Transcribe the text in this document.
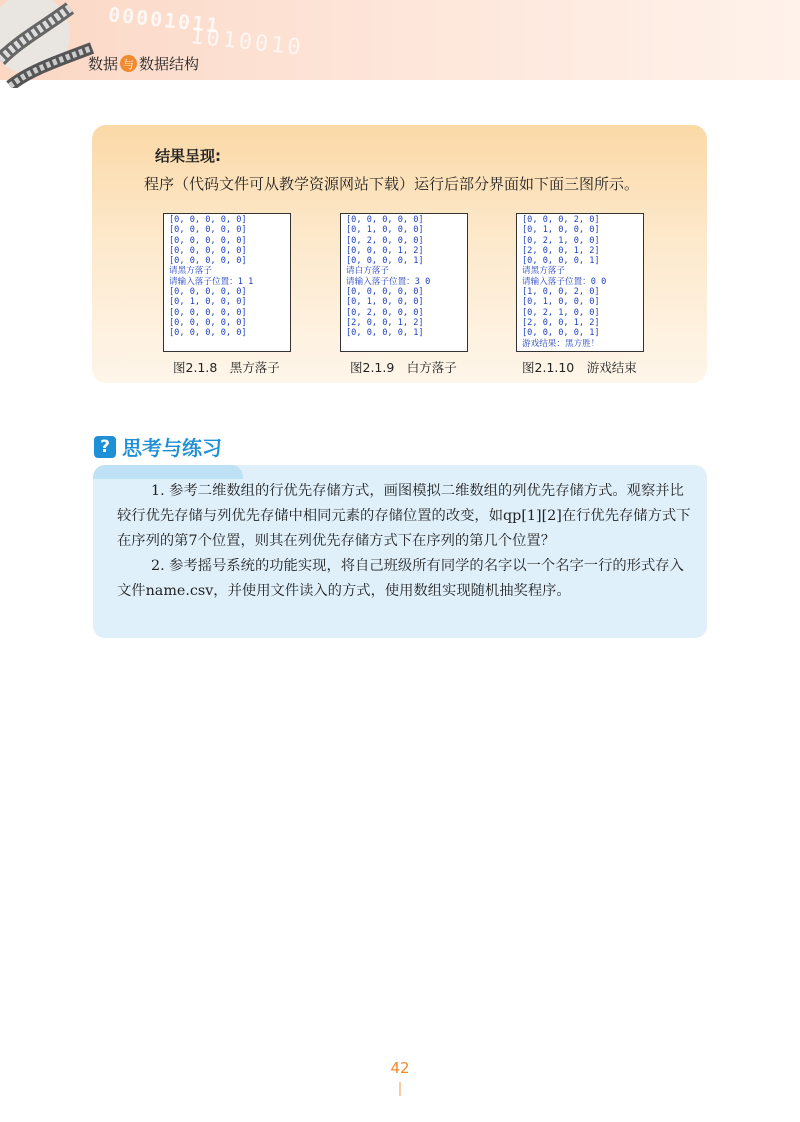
00001011
1010010
数据 与 数据结构
结果呈现:
程序（代码文件可从教学资源网站下载）运行后部分界面如下面三图所示。
[0, 0, 0, 0, 0]
[0, 0, 0, 0, 0]
[0, 0, 0, 0, 0]
[0, 0, 0, 0, 0]
[0, 0, 0, 0, 0]
请黑方落子
请输入落子位置：1 1
[0, 0, 0, 0, 0]
[0, 1, 0, 0, 0]
[0, 0, 0, 0, 0]
[0, 0, 0, 0, 0]
[0, 0, 0, 0, 0]
图2.1.8　黑方落子
[0, 0, 0, 0, 0]
[0, 1, 0, 0, 0]
[0, 2, 0, 0, 0]
[0, 0, 0, 1, 2]
[0, 0, 0, 0, 1]
请白方落子
请输入落子位置：3 0
[0, 0, 0, 0, 0]
[0, 1, 0, 0, 0]
[0, 2, 0, 0, 0]
[2, 0, 0, 1, 2]
[0, 0, 0, 0, 1]
图2.1.9　白方落子
[0, 0, 0, 2, 0]
[0, 1, 0, 0, 0]
[0, 2, 1, 0, 0]
[2, 0, 0, 1, 2]
[0, 0, 0, 0, 1]
请黑方落子
请输入落子位置：0 0
[1, 0, 0, 2, 0]
[0, 1, 0, 0, 0]
[0, 2, 1, 0, 0]
[2, 0, 0, 1, 2]
[0, 0, 0, 0, 1]
游戏结果：黑方胜！
图2.1.10　游戏结束
? 思考与练习

1. 参考二维数组的行优先存储方式，画图模拟二维数组的列优先存储方式。观察并比较行优先存储与列优先存储中相同元素的存储位置的改变，如qp[1][2]在行优先存储方式下在序列的第7个位置，则其在列优先存储方式下在序列的第几个位置？

2. 参考摇号系统的功能实现，将自己班级所有同学的名字以一个名字一行的形式存入文件name.csv，并使用文件读入的方式，使用数组实现随机抽奖程序。

42
